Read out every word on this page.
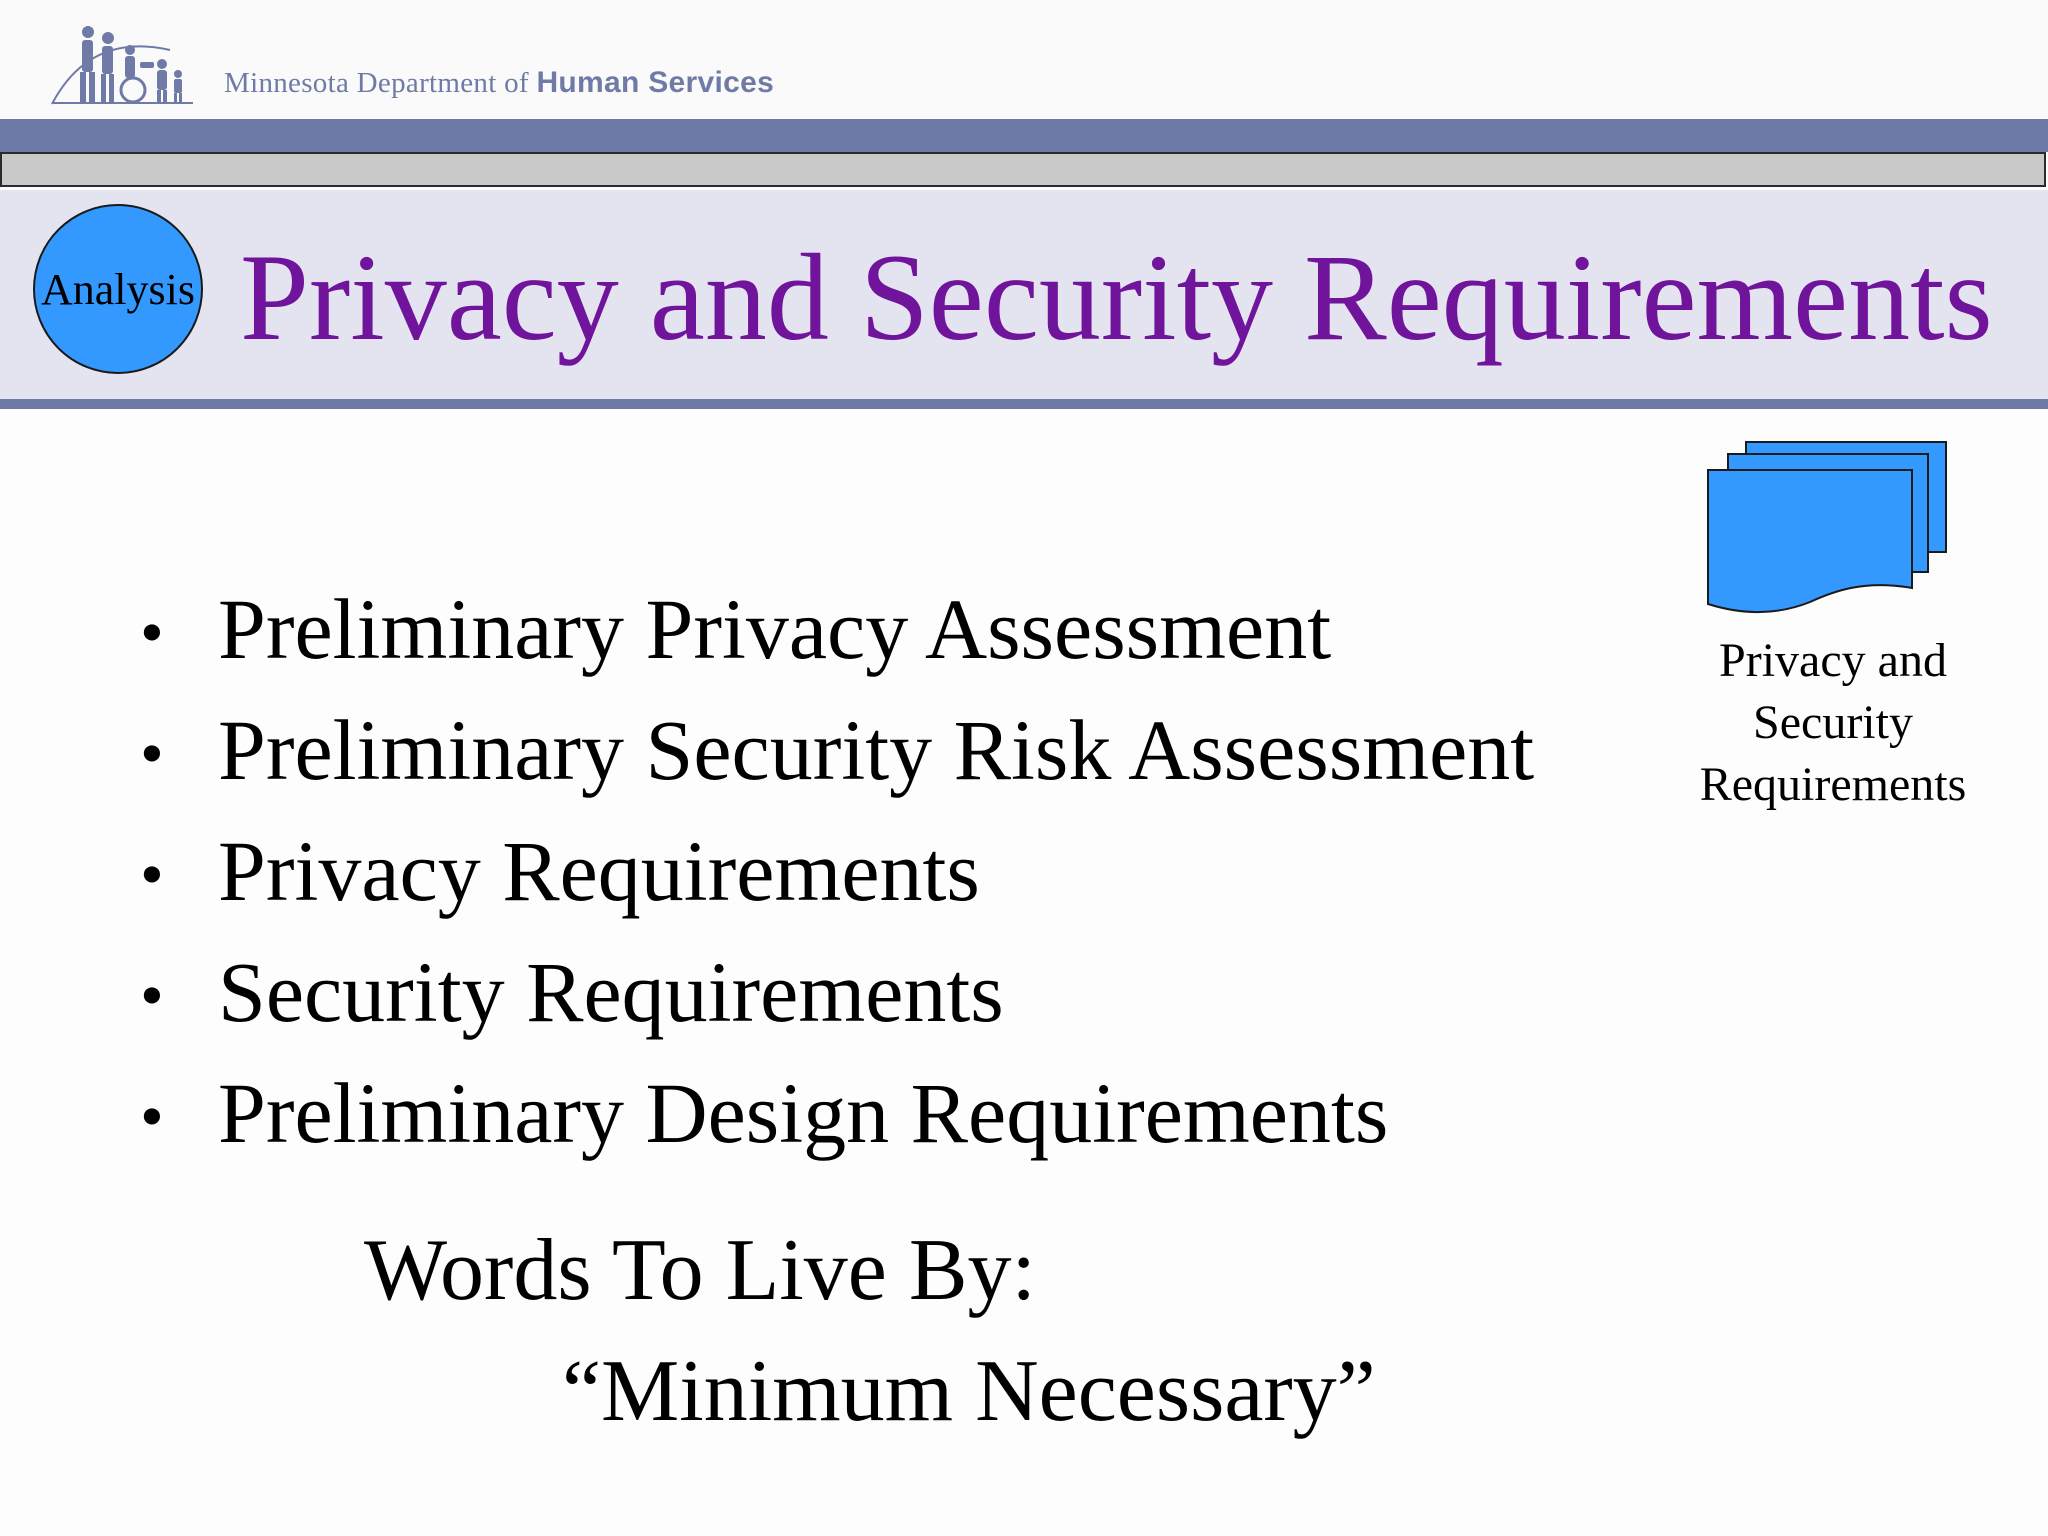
Minnesota Department of Human Services
Analysis Privacy and Security Requirements
Privacy and
Security
Requirements
• Preliminary Privacy Assessment
• Preliminary Security Risk Assessment
• Privacy Requirements
• Security Requirements
• Preliminary Design Requirements
Words To Live By:
“Minimum Necessary”
